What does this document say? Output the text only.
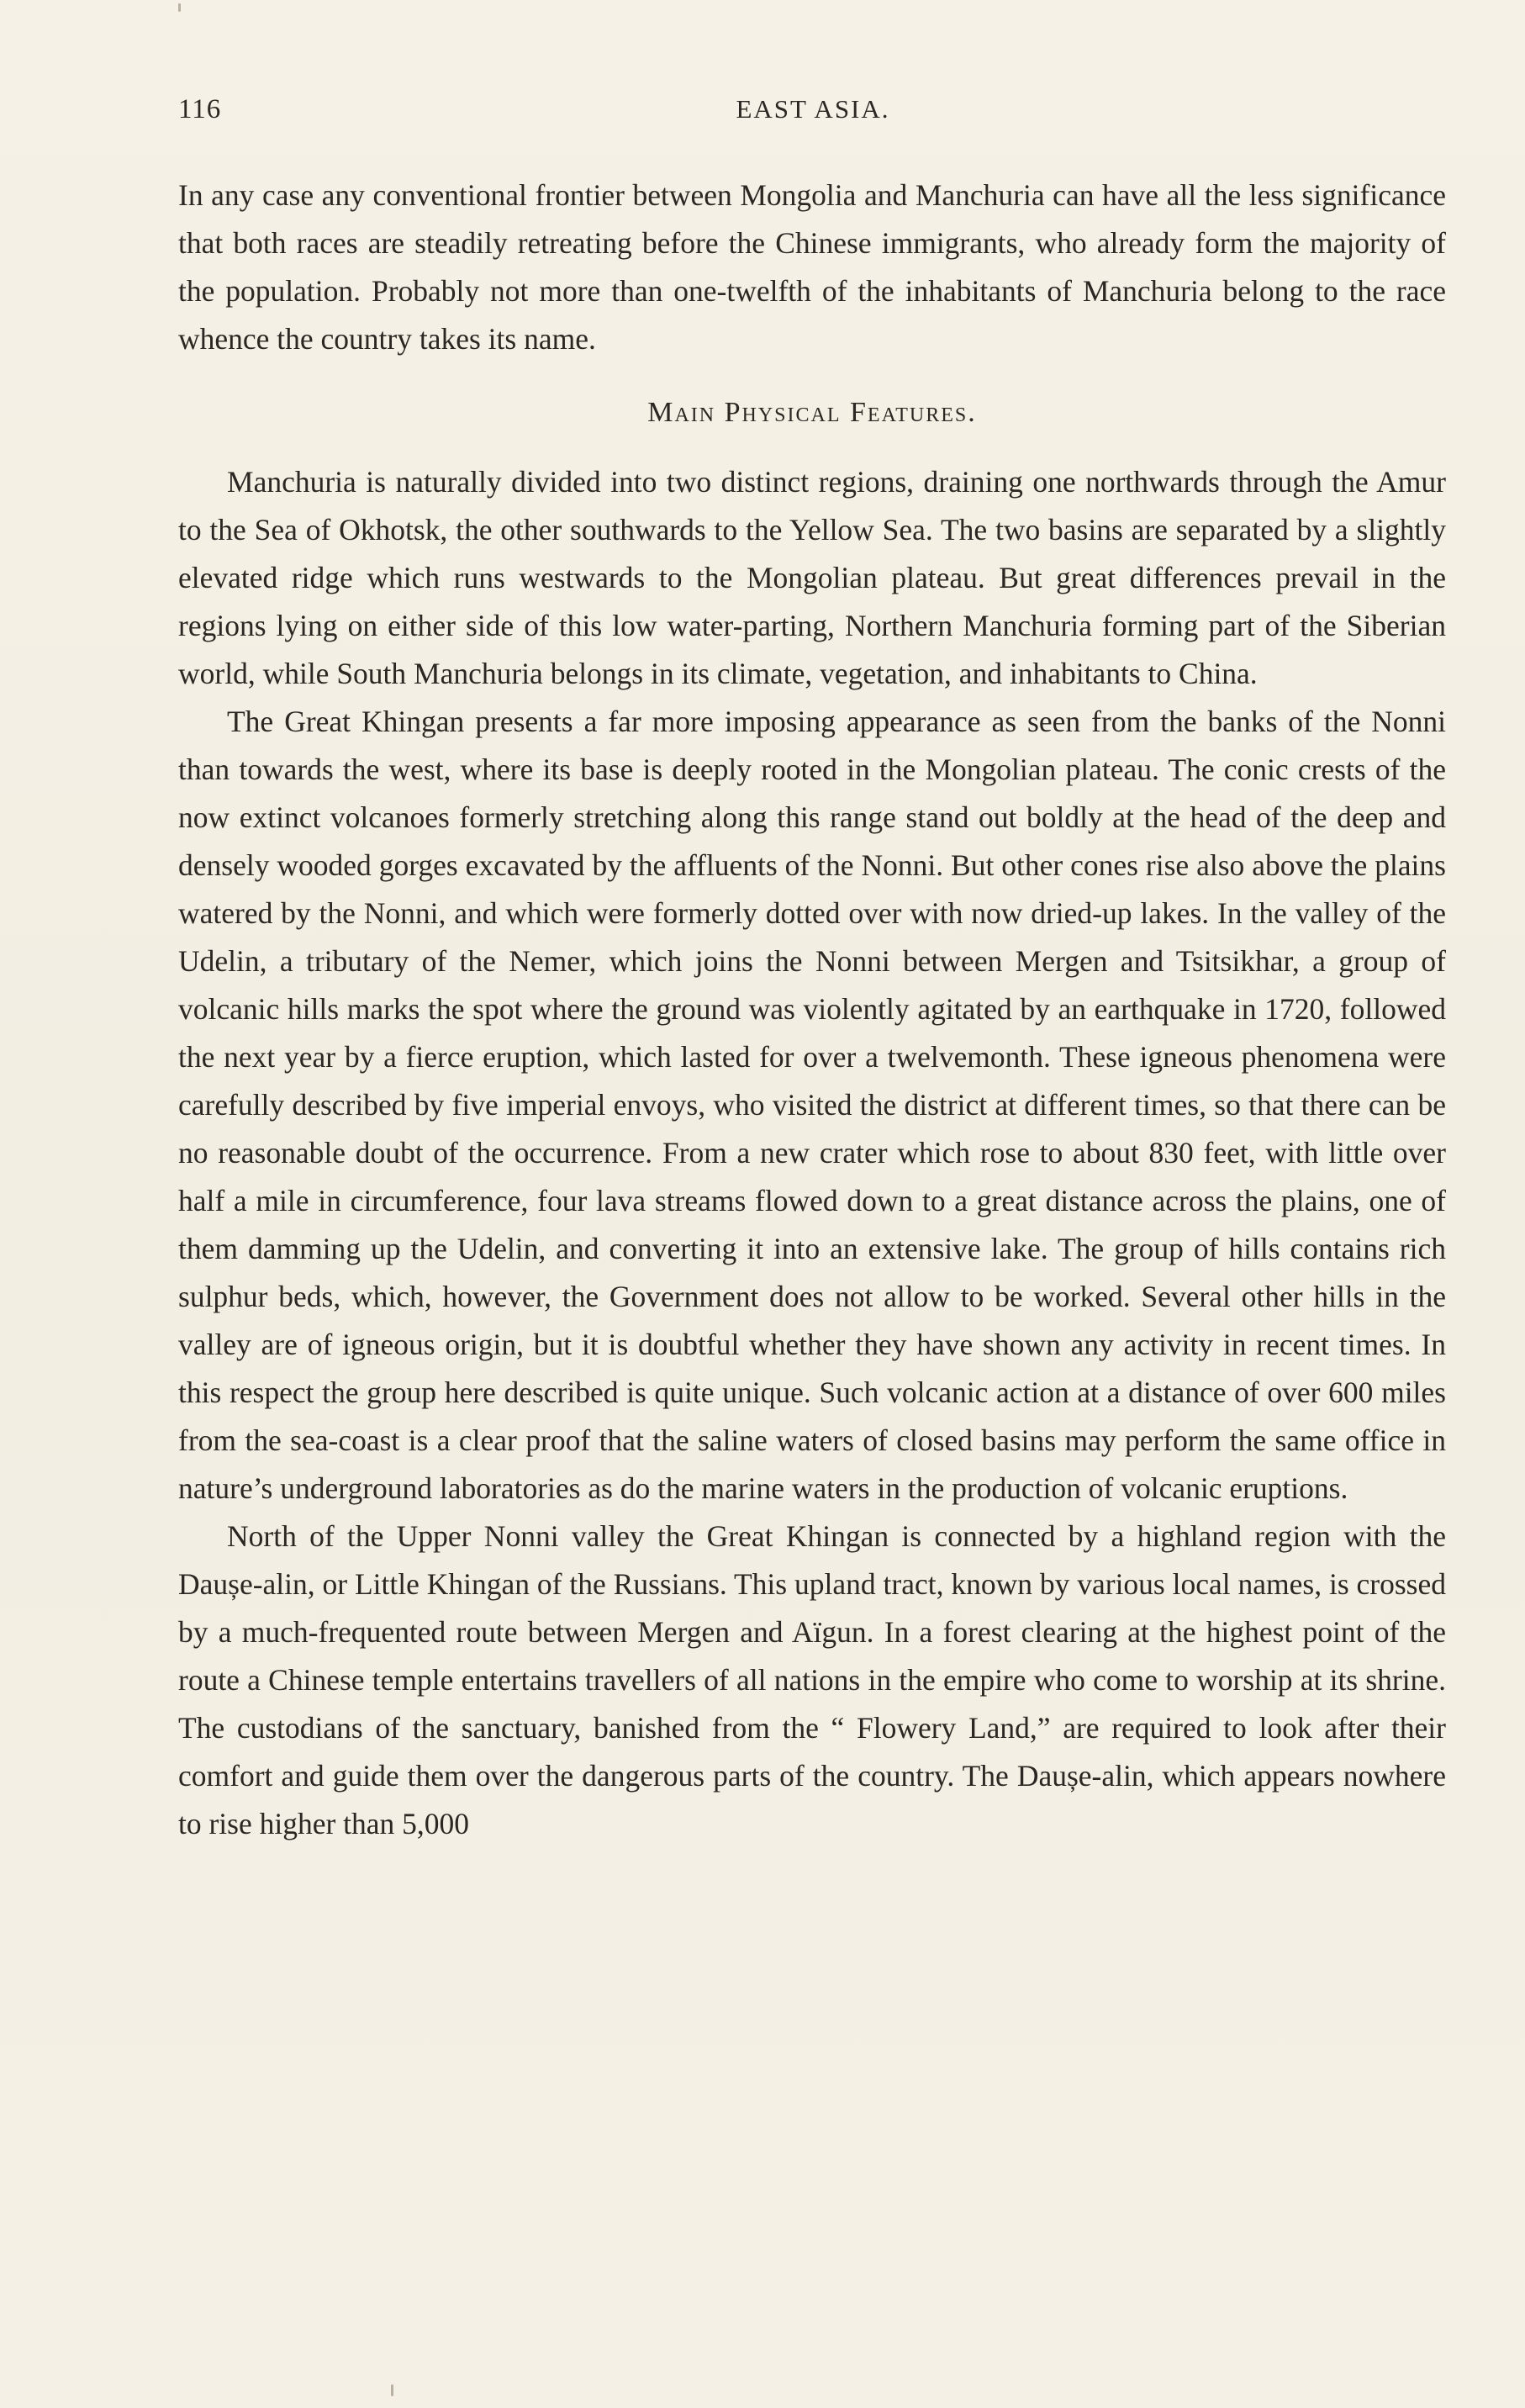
116	EAST ASIA.

In any case any conventional frontier between Mongolia and Manchuria can have all the less significance that both races are steadily retreating before the Chinese immigrants, who already form the majority of the population. Probably not more than one-twelfth of the inhabitants of Manchuria belong to the race whence the country takes its name.

Main Physical Features.

Manchuria is naturally divided into two distinct regions, draining one northwards through the Amur to the Sea of Okhotsk, the other southwards to the Yellow Sea. The two basins are separated by a slightly elevated ridge which runs westwards to the Mongolian plateau. But great differences prevail in the regions lying on either side of this low water-parting, Northern Manchuria forming part of the Siberian world, while South Manchuria belongs in its climate, vegetation, and inhabitants to China.

The Great Khingan presents a far more imposing appearance as seen from the banks of the Nonni than towards the west, where its base is deeply rooted in the Mongolian plateau. The conic crests of the now extinct volcanoes formerly stretching along this range stand out boldly at the head of the deep and densely wooded gorges excavated by the affluents of the Nonni. But other cones rise also above the plains watered by the Nonni, and which were formerly dotted over with now dried-up lakes. In the valley of the Udelin, a tributary of the Nemer, which joins the Nonni between Mergen and Tsitsikhar, a group of volcanic hills marks the spot where the ground was violently agitated by an earthquake in 1720, followed the next year by a fierce eruption, which lasted for over a twelvemonth. These igneous phenomena were carefully described by five imperial envoys, who visited the district at different times, so that there can be no reasonable doubt of the occurrence. From a new crater which rose to about 830 feet, with little over half a mile in circumference, four lava streams flowed down to a great distance across the plains, one of them damming up the Udelin, and converting it into an extensive lake. The group of hills contains rich sulphur beds, which, however, the Government does not allow to be worked. Several other hills in the valley are of igneous origin, but it is doubtful whether they have shown any activity in recent times. In this respect the group here described is quite unique. Such volcanic action at a distance of over 600 miles from the sea-coast is a clear proof that the saline waters of closed basins may perform the same office in nature’s underground laboratories as do the marine waters in the production of volcanic eruptions.

North of the Upper Nonni valley the Great Khingan is connected by a highland region with the Daușe-alin, or Little Khingan of the Russians. This upland tract, known by various local names, is crossed by a much-frequented route between Mergen and Aïgun. In a forest clearing at the highest point of the route a Chinese temple entertains travellers of all nations in the empire who come to worship at its shrine. The custodians of the sanctuary, banished from the “ Flowery Land,” are required to look after their comfort and guide them over the dangerous parts of the country. The Daușe-alin, which appears nowhere to rise higher than 5,000
